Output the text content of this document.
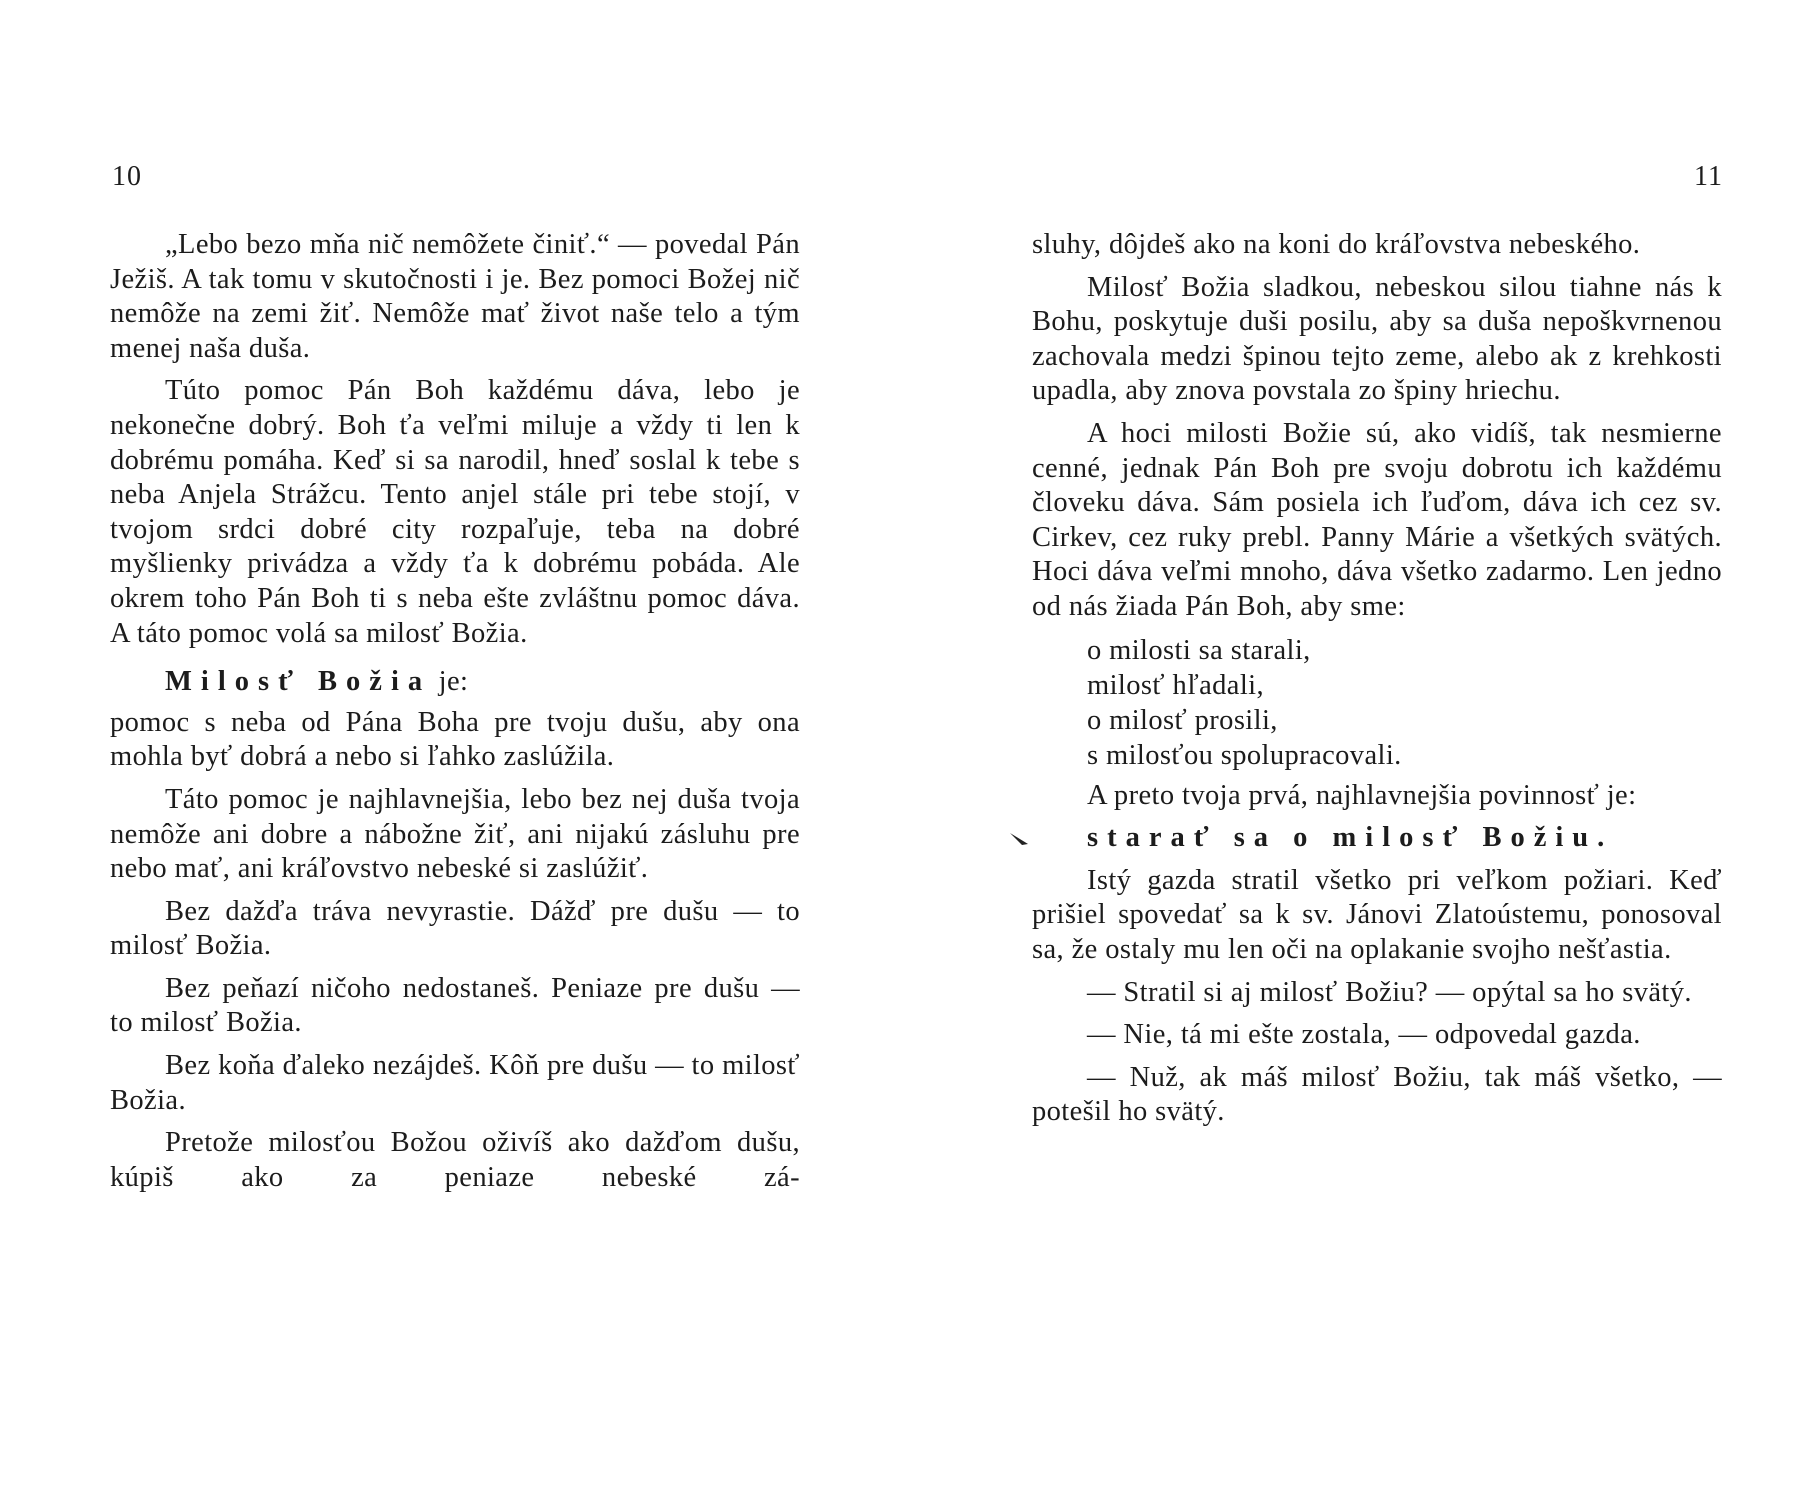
10

„Lebo bezo mňa nič nemôžete činiť.“ — povedal Pán Ježiš. A tak tomu v skutočnosti i je. Bez pomoci Božej nič nemôže na zemi žiť. Nemôže mať život naše telo a tým menej naša duša.

Túto pomoc Pán Boh každému dáva, lebo je nekonečne dobrý. Boh ťa veľmi miluje a vždy ti len k dobrému pomáha. Keď si sa narodil, hneď soslal k tebe s neba Anjela Strážcu. Tento anjel stále pri tebe stojí, v tvojom srdci dobré city rozpaľuje, teba na dobré myšlienky privádza a vždy ťa k dobrému pobáda. Ale okrem toho Pán Boh ti s neba ešte zvláštnu pomoc dáva. A táto pomoc volá sa milosť Božia.

Milosť Božia je:

pomoc s neba od Pána Boha pre tvoju dušu, aby ona mohla byť dobrá a nebo si ľahko zaslúžila.

Táto pomoc je najhlavnejšia, lebo bez nej duša tvoja nemôže ani dobre a nábožne žiť, ani nijakú zásluhu pre nebo mať, ani kráľovstvo nebeské si zaslúžiť.

Bez dažďa tráva nevyrastie. Dážď pre dušu — to milosť Božia.

Bez peňazí ničoho nedostaneš. Peniaze pre dušu — to milosť Božia.

Bez koňa ďaleko nezájdeš. Kôň pre dušu — to milosť Božia.

Pretože milosťou Božou oživíš ako dažďom dušu, kúpiš ako za peniaze nebeské zá-

11

sluhy, dôjdeš ako na koni do kráľovstva nebeského.

Milosť Božia sladkou, nebeskou silou tiahne nás k Bohu, poskytuje duši posilu, aby sa duša nepoškvrnenou zachovala medzi špinou tejto zeme, alebo ak z krehkosti upadla, aby znova povstala zo špiny hriechu.

A hoci milosti Božie sú, ako vidíš, tak nesmierne cenné, jednak Pán Boh pre svoju dobrotu ich každému človeku dáva. Sám posiela ich ľuďom, dáva ich cez sv. Cirkev, cez ruky prebl. Panny Márie a všetkých svätých. Hoci dáva veľmi mnoho, dáva všetko zadarmo. Len jedno od nás žiada Pán Boh, aby sme:

o milosti sa starali,
milosť hľadali,
o milosť prosili,
s milosťou spolupracovali.

A preto tvoja prvá, najhlavnejšia povinnosť je:

starať sa o milosť Božiu.

Istý gazda stratil všetko pri veľkom požiari. Keď prišiel spovedať sa k sv. Jánovi Zlatoústemu, ponosoval sa, že ostaly mu len oči na oplakanie svojho nešťastia.

— Stratil si aj milosť Božiu? — opýtal sa ho svätý.

— Nie, tá mi ešte zostala, — odpovedal gazda.

— Nuž, ak máš milosť Božiu, tak máš všetko, — potešil ho svätý.
